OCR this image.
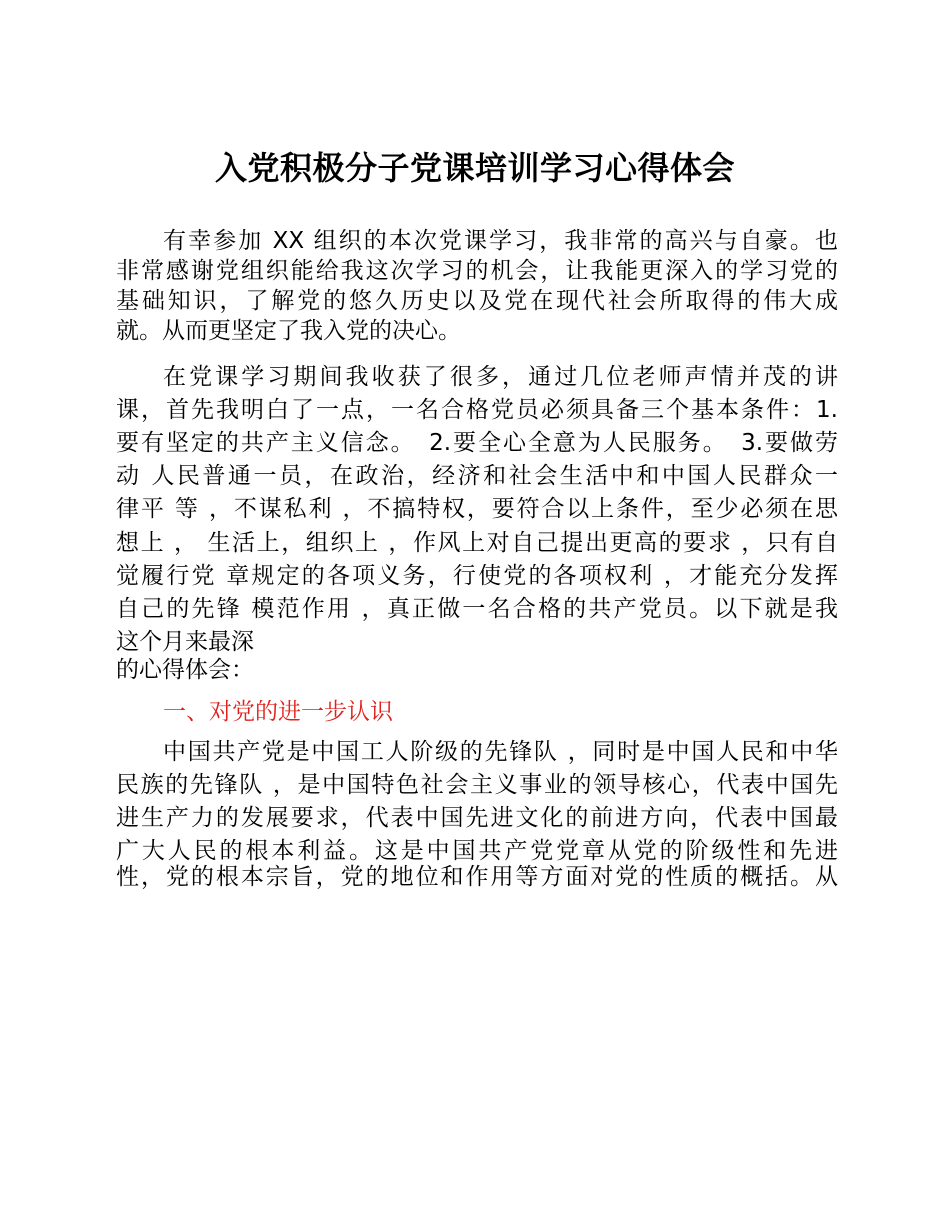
入党积极分子党课培训学习心得体会
有幸参加 XX 组织的本次党课学习，我非常的高兴与自豪。也
非常感谢党组织能给我这次学习的机会，让我能更深入的学习党的
基础知识，了解党的悠久历史以及党在现代社会所取得的伟大成
就。从而更坚定了我入党的决心。
在党课学习期间我收获了很多，通过几位老师声情并茂的讲
课，首先我明白了一点，一名合格党员必须具备三个基本条件：1.
要有坚定的共产主义信念。　2.要全心全意为人民服务。　3.要做劳
动 人民普通一员，在政治，经济和社会生活中和中国人民群众一
律平 等 ，不谋私利 ，不搞特权，要符合以上条件，至少必须在思
想上 ， 生活上，组织上 ，作风上对自己提出更高的要求 ，只有自
觉履行党 章规定的各项义务，行使党的各项权利 ，才能充分发挥
自己的先锋 模范作用 ，真正做一名合格的共产党员。以下就是我
这个月来最深
的心得体会：
一、对党的进一步认识
中国共产党是中国工人阶级的先锋队 ，同时是中国人民和中华
民族的先锋队 ，是中国特色社会主义事业的领导核心，代表中国先
进生产力的发展要求，代表中国先进文化的前进方向，代表中国最
广大人民的根本利益。这是中国共产党党章从党的阶级性和先进
性，党的根本宗旨，党的地位和作用等方面对党的性质的概括。从
